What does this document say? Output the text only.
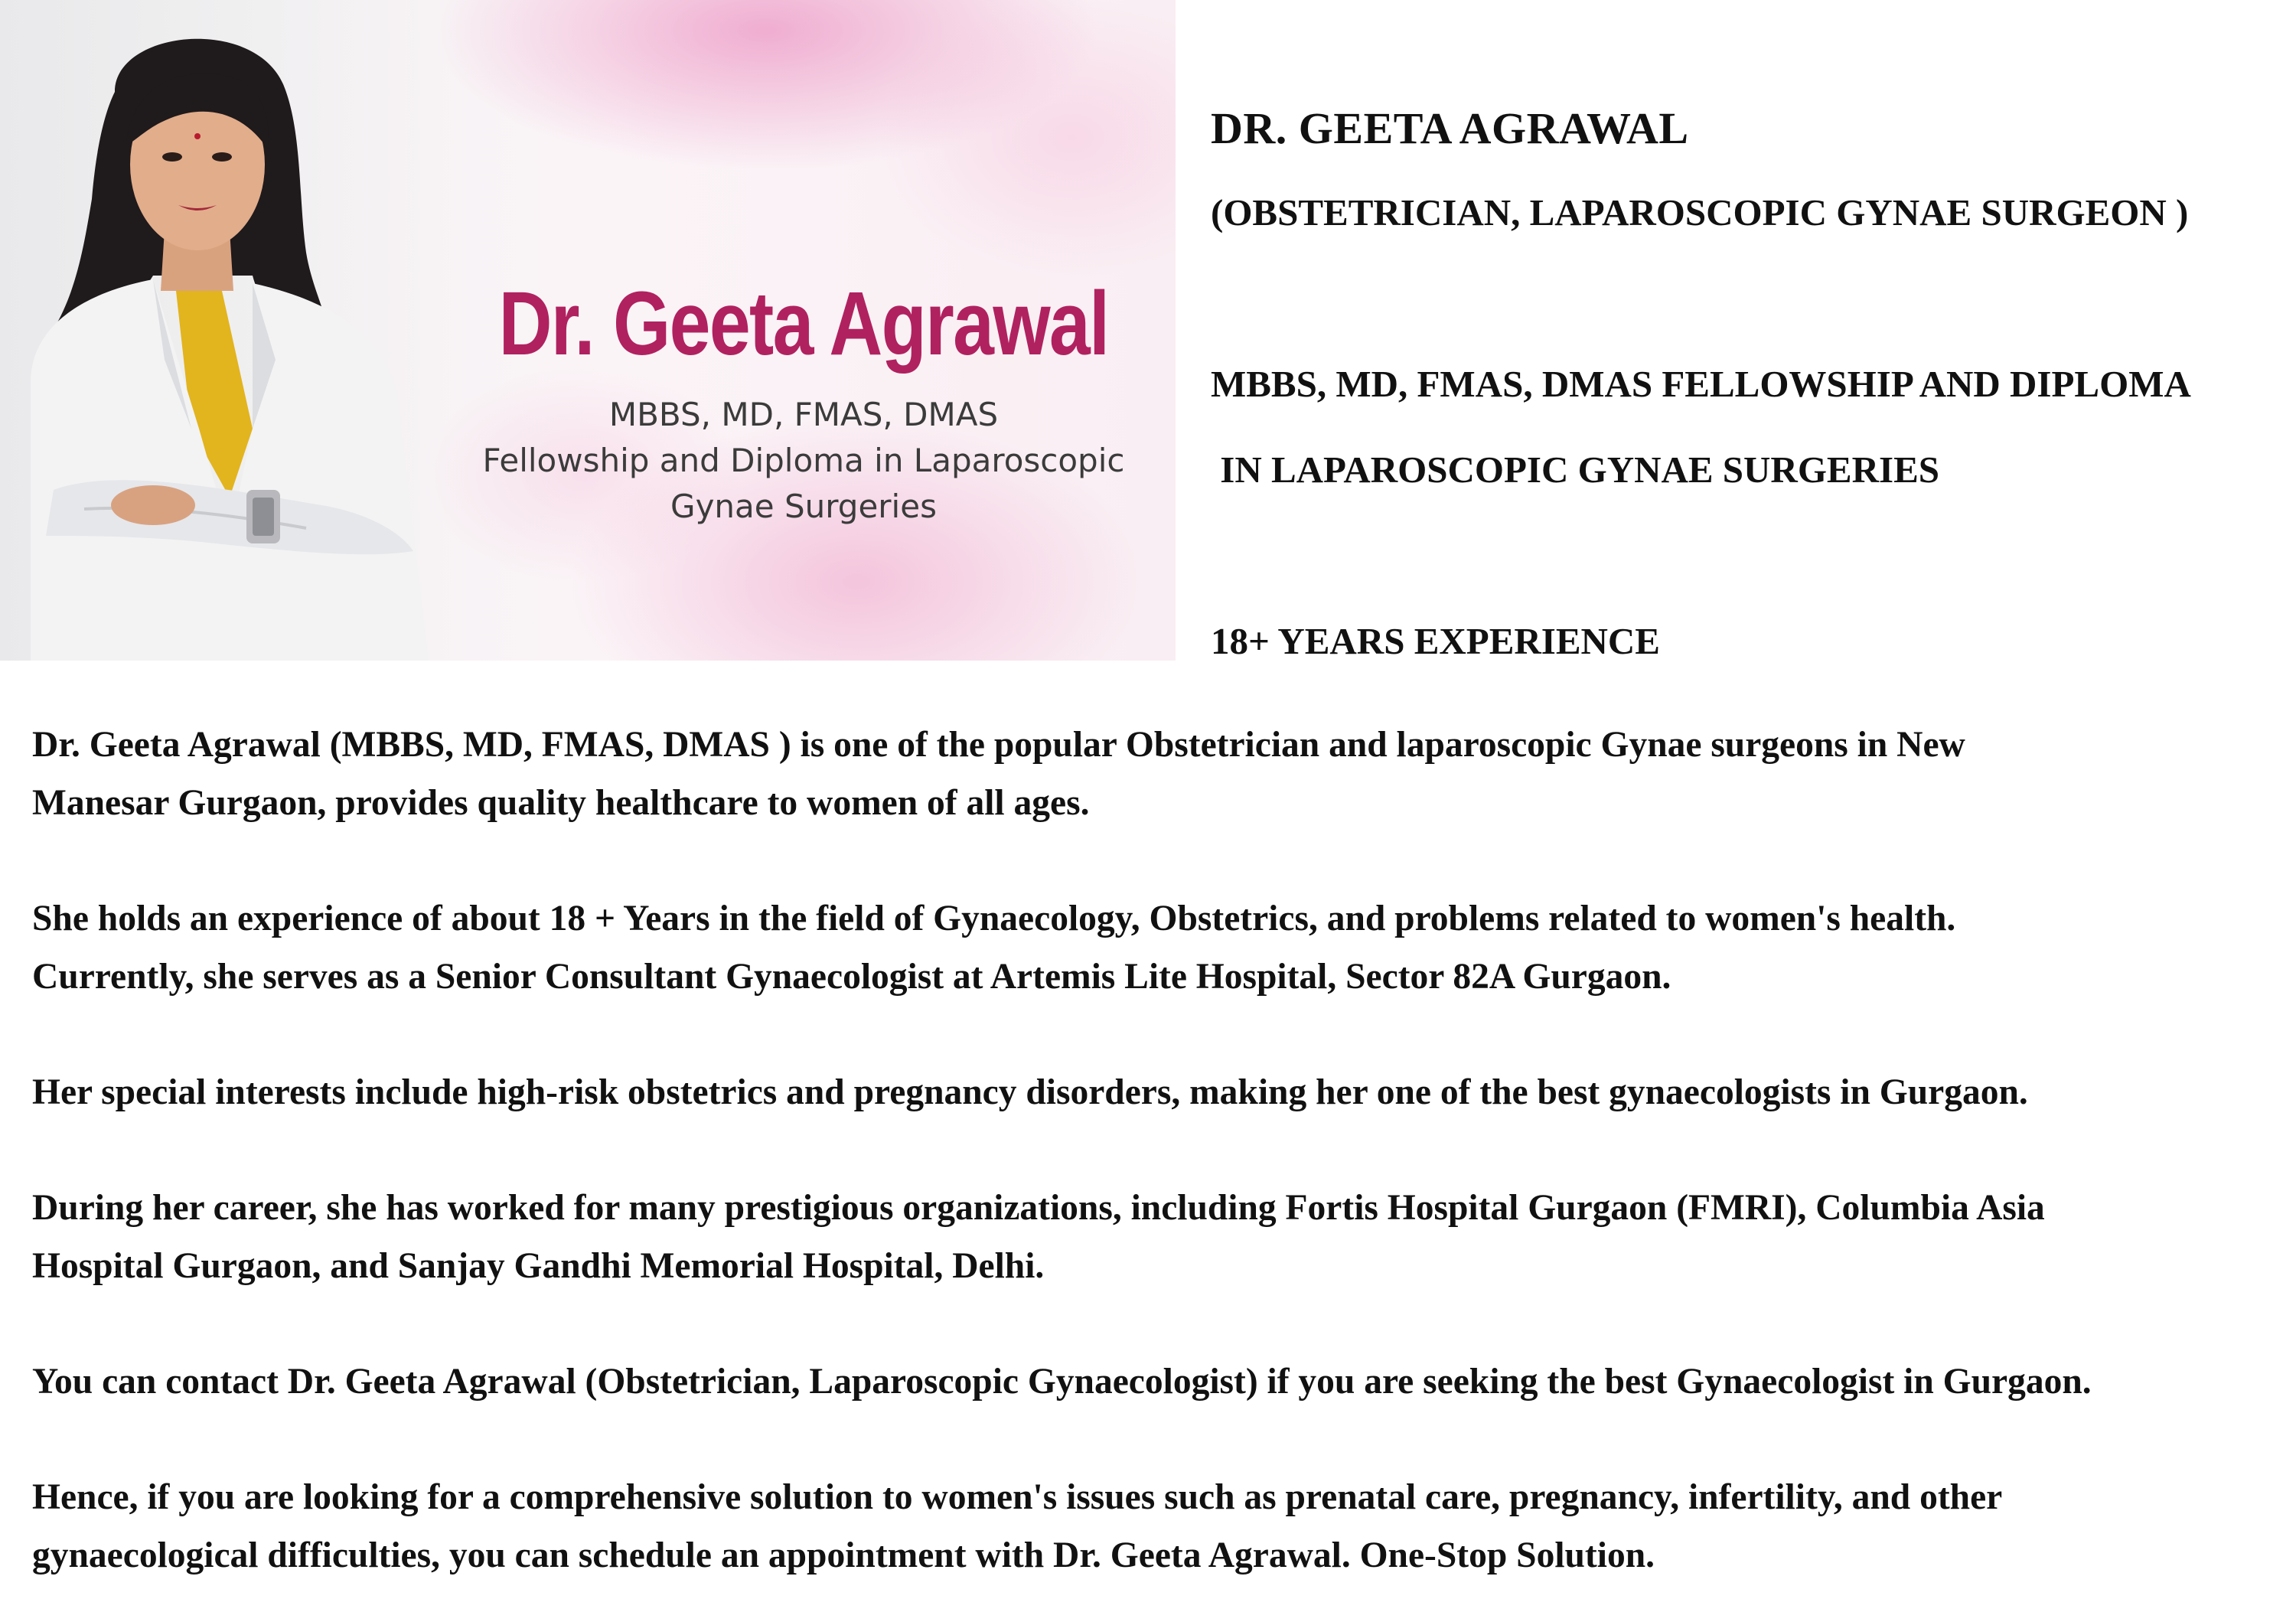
Dr. Geeta Agrawal
MBBS, MD, FMAS, DMAS
Fellowship and Diploma in Laparoscopic
Gynae Surgeries

DR. GEETA AGRAWAL

(OBSTETRICIAN, LAPAROSCOPIC GYNAE SURGEON )

MBBS, MD, FMAS, DMAS FELLOWSHIP AND DIPLOMA

IN LAPAROSCOPIC GYNAE SURGERIES

18+ YEARS EXPERIENCE

Dr. Geeta Agrawal (MBBS, MD, FMAS, DMAS ) is one of the popular Obstetrician and laparoscopic Gynae surgeons in New
Manesar Gurgaon, provides quality healthcare to women of all ages.

She holds an experience of about 18 + Years in the field of Gynaecology, Obstetrics, and problems related to women's health.
Currently, she serves as a Senior Consultant Gynaecologist at Artemis Lite Hospital, Sector 82A Gurgaon.

Her special interests include high-risk obstetrics and pregnancy disorders, making her one of the best gynaecologists in Gurgaon.

During her career, she has worked for many prestigious organizations, including Fortis Hospital Gurgaon (FMRI), Columbia Asia
Hospital Gurgaon, and Sanjay Gandhi Memorial Hospital, Delhi.

You can contact Dr. Geeta Agrawal (Obstetrician, Laparoscopic Gynaecologist) if you are seeking the best Gynaecologist in Gurgaon.

Hence, if you are looking for a comprehensive solution to women's issues such as prenatal care, pregnancy, infertility, and other
gynaecological difficulties, you can schedule an appointment with Dr. Geeta Agrawal. One-Stop Solution.
